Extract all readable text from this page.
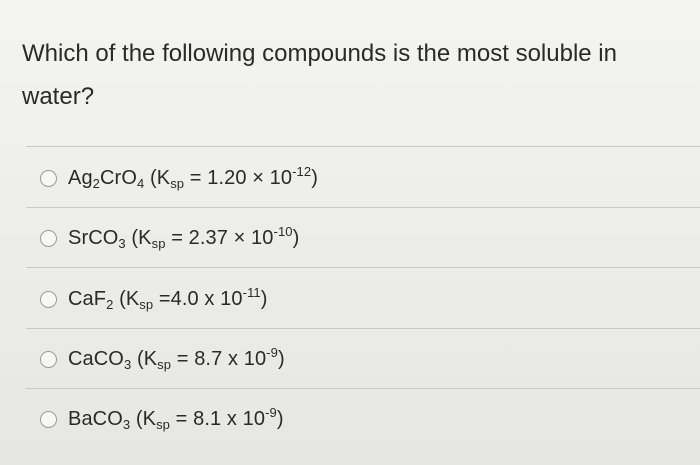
Which of the following compounds is the most soluble in water?
$Ag_2CrO_4$ $(K_{sp} = 1.20 \times 10^{-12})$
SrCO$_3$ $(K_{sp} = 2.37 \times 10^{-10})$
CaF$_2$ ($K_{sp} =4.0$ x $10^{-11}$)
CaCO$_3$ ($K_{sp} = 8.7$ x $10^{-9}$)
BaCO$_3$ ($K_{sp} = 8.1$ x $10^{-9}$)
